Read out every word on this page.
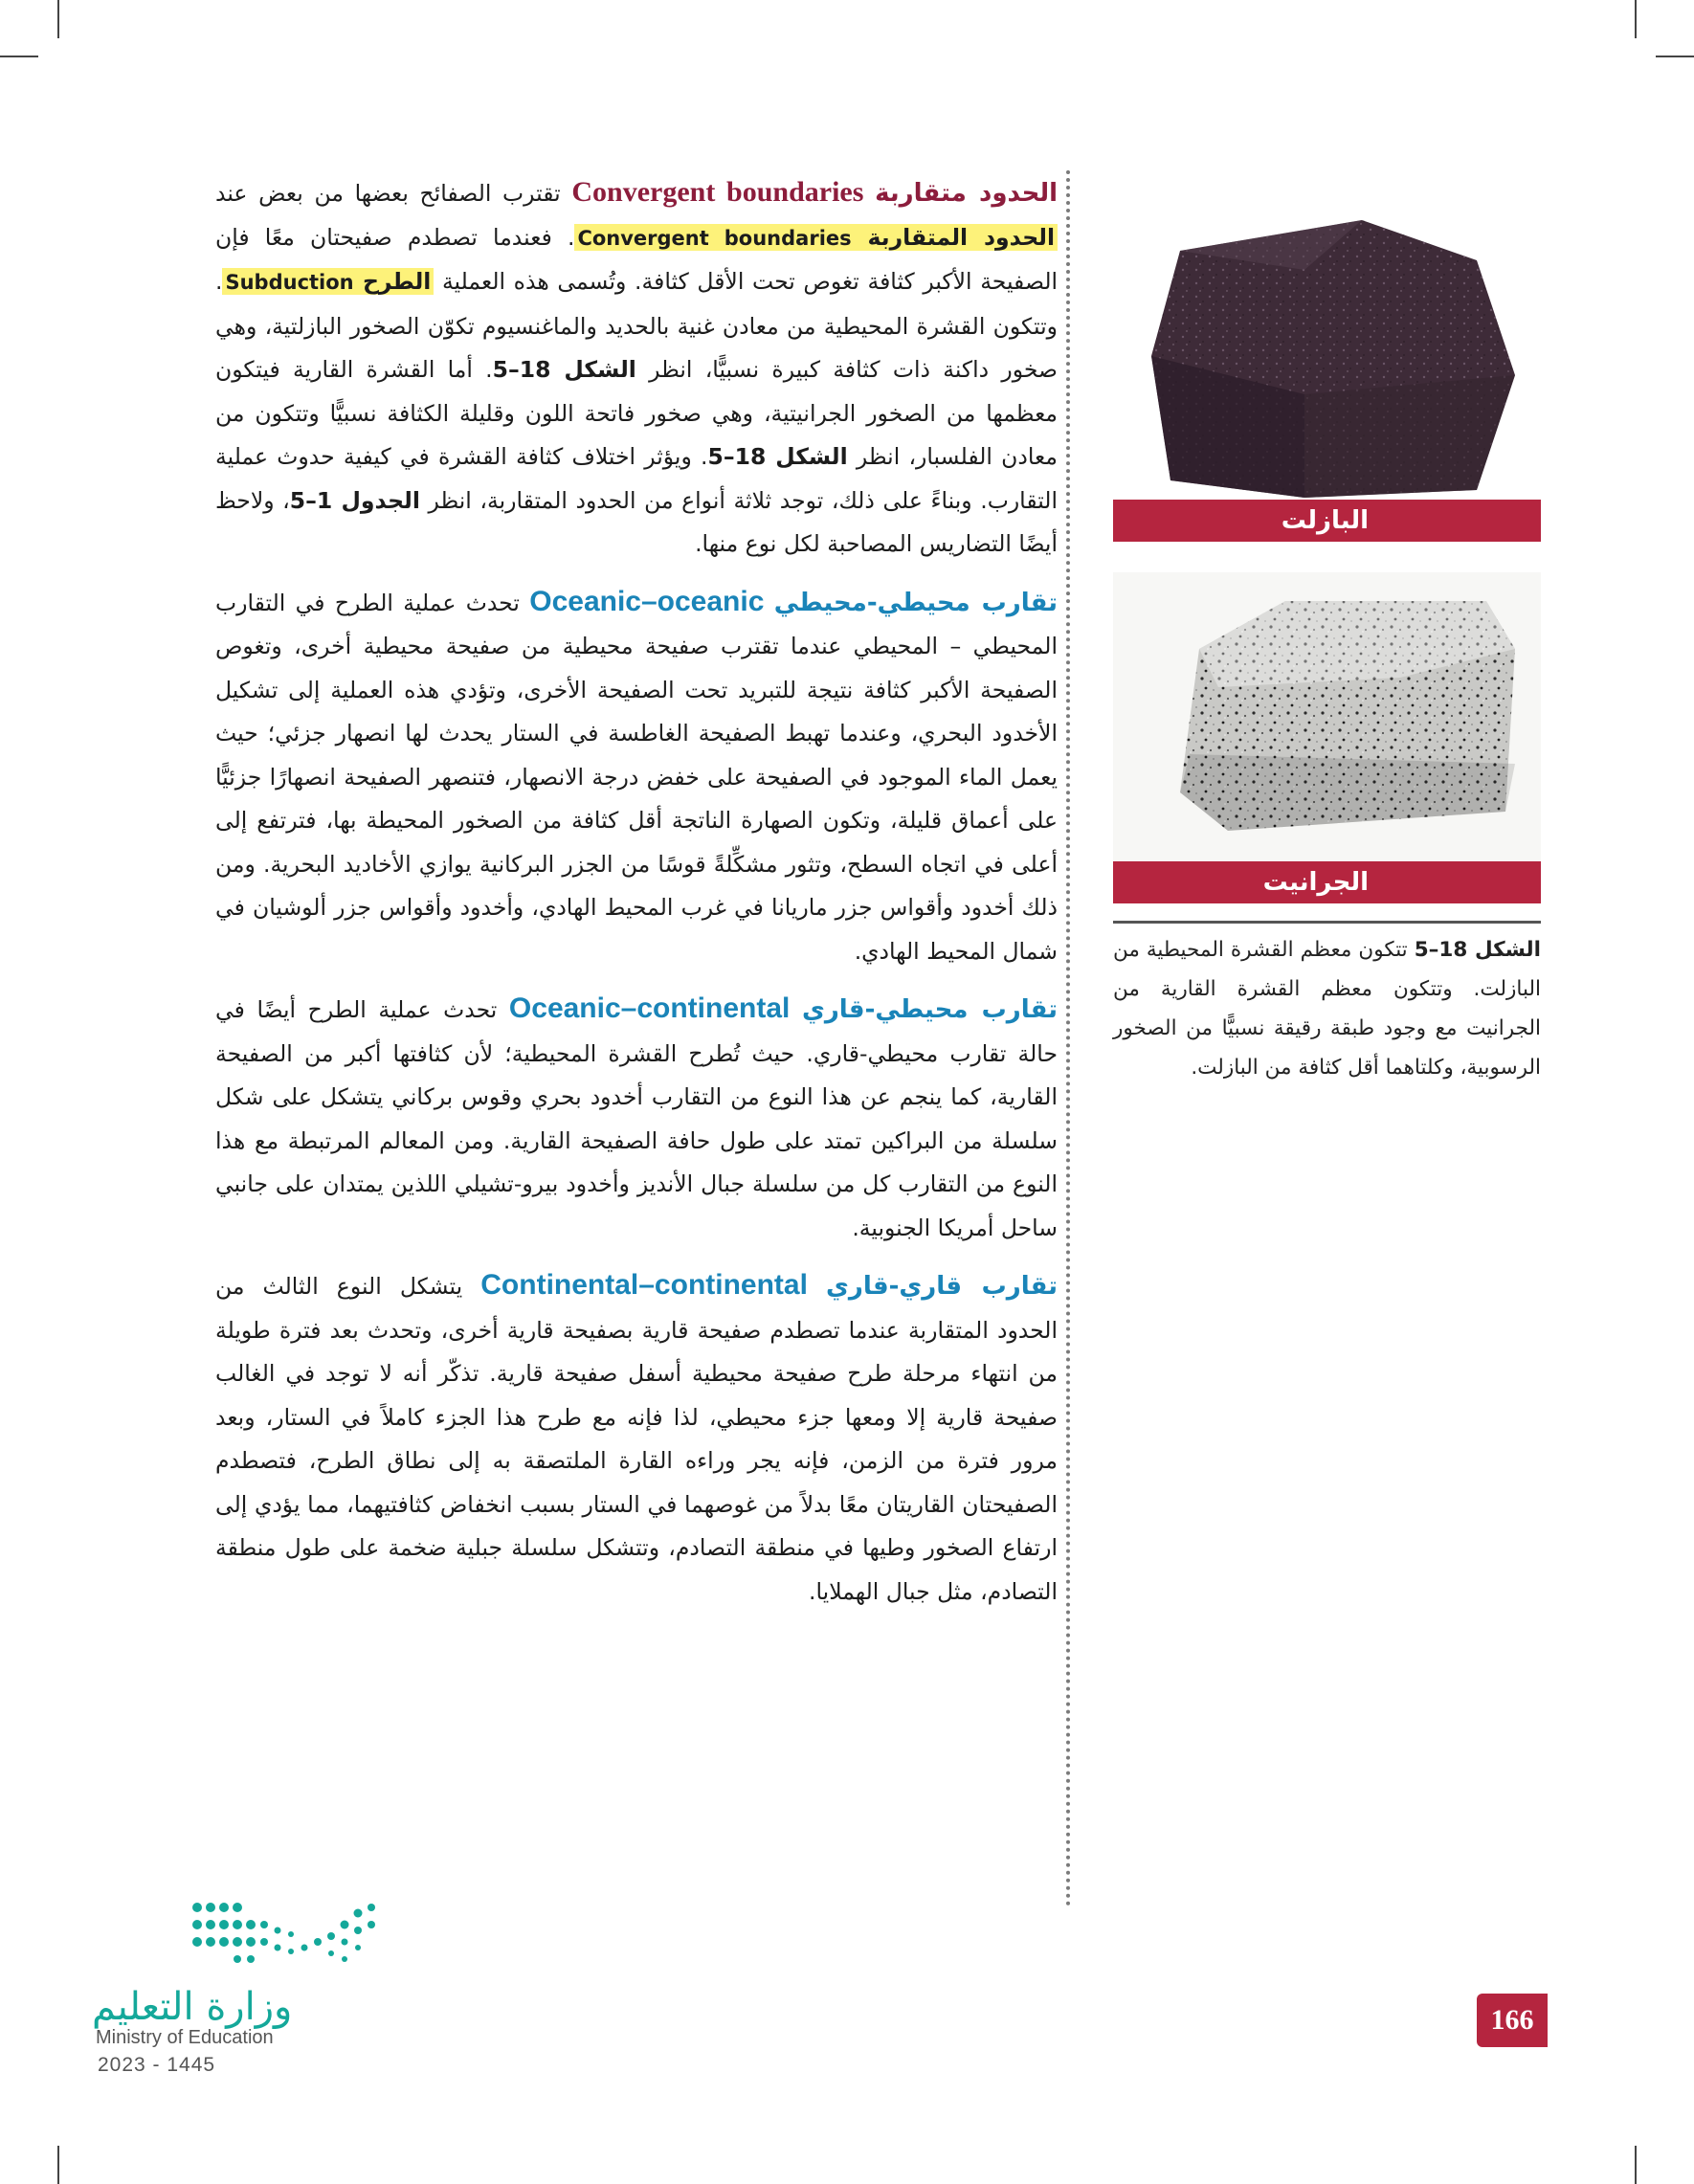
الحدود متقاربة Convergent boundaries تقترب الصفائح بعضها من بعض عند الحدود المتقاربة Convergent boundaries. فعندما تصطدم صفيحتان معًا فإن الصفيحة الأكبر كثافة تغوص تحت الأقل كثافة. وتُسمى هذه العملية الطرح Subduction. وتتكون القشرة المحيطية من معادن غنية بالحديد والماغنسيوم تكوّن الصخور البازلتية، وهي صخور داكنة ذات كثافة كبيرة نسبيًّا، انظر الشكل 18–5. أما القشرة القارية فيتكون معظمها من الصخور الجرانيتية، وهي صخور فاتحة اللون وقليلة الكثافة نسبيًّا وتتكون من معادن الفلسبار، انظر الشكل 18–5. ويؤثر اختلاف كثافة القشرة في كيفية حدوث عملية التقارب. وبناءً على ذلك، توجد ثلاثة أنواع من الحدود المتقاربة، انظر الجدول 1–5، ولاحظ أيضًا التضاريس المصاحبة لكل نوع منها.

تقارب محيطي-محيطي Oceanic–oceanic تحدث عملية الطرح في التقارب المحيطي – المحيطي عندما تقترب صفيحة محيطية من صفيحة محيطية أخرى، وتغوص الصفيحة الأكبر كثافة نتيجة للتبريد تحت الصفيحة الأخرى، وتؤدي هذه العملية إلى تشكيل الأخدود البحري، وعندما تهبط الصفيحة الغاطسة في الستار يحدث لها انصهار جزئي؛ حيث يعمل الماء الموجود في الصفيحة على خفض درجة الانصهار، فتنصهر الصفيحة انصهارًا جزئيًّا على أعماق قليلة، وتكون الصهارة الناتجة أقل كثافة من الصخور المحيطة بها، فترتفع إلى أعلى في اتجاه السطح، وتثور مشكِّلةً قوسًا من الجزر البركانية يوازي الأخاديد البحرية. ومن ذلك أخدود وأقواس جزر ماريانا في غرب المحيط الهادي، وأخدود وأقواس جزر ألوشيان في شمال المحيط الهادي.

تقارب محيطي-قاري Oceanic–continental تحدث عملية الطرح أيضًا في حالة تقارب محيطي-قاري. حيث تُطرح القشرة المحيطية؛ لأن كثافتها أكبر من الصفيحة القارية، كما ينجم عن هذا النوع من التقارب أخدود بحري وقوس بركاني يتشكل على شكل سلسلة من البراكين تمتد على طول حافة الصفيحة القارية. ومن المعالم المرتبطة مع هذا النوع من التقارب كل من سلسلة جبال الأنديز وأخدود بيرو-تشيلي اللذين يمتدان على جانبي ساحل أمريكا الجنوبية.

تقارب قاري-قاري Continental–continental يتشكل النوع الثالث من الحدود المتقاربة عندما تصطدم صفيحة قارية بصفيحة قارية أخرى، وتحدث بعد فترة طويلة من انتهاء مرحلة طرح صفيحة محيطية أسفل صفيحة قارية. تذكّر أنه لا توجد في الغالب صفيحة قارية إلا ومعها جزء محيطي، لذا فإنه مع طرح هذا الجزء كاملاً في الستار، وبعد مرور فترة من الزمن، فإنه يجر وراءه القارة الملتصقة به إلى نطاق الطرح، فتصطدم الصفيحتان القاريتان معًا بدلاً من غوصهما في الستار بسبب انخفاض كثافتيهما، مما يؤدي إلى ارتفاع الصخور وطيها في منطقة التصادم، وتتشكل سلسلة جبلية ضخمة على طول منطقة التصادم، مثل جبال الهملايا.

البازلت
الجرانيت
الشكل 18–5 تتكون معظم القشرة المحيطية من البازلت. وتتكون معظم القشرة القارية من الجرانيت مع وجود طبقة رقيقة نسبيًّا من الصخور الرسوبية، وكلتاهما أقل كثافة من البازلت.
وزارة التعليم
Ministry of Education
2023 - 1445
166
